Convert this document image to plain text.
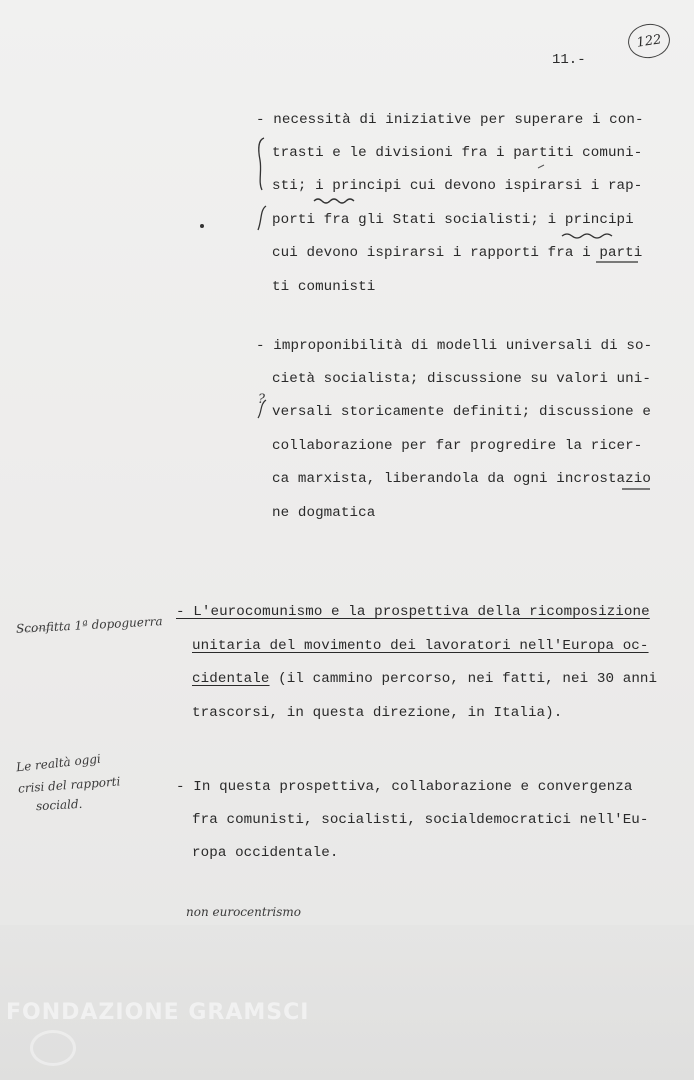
11.-
122
- necessità di iniziative per superare i con-
trasti e le divisioni fra i partiti comuni-
sti; i principi cui devono ispirarsi i rap-
porti fra gli Stati socialisti; i principi
cui devono ispirarsi i rapporti fra i parti
ti comunisti
- improponibilità di modelli universali di so-
cietà socialista; discussione su valori uni-
versali storicamente definiti; discussione e
collaborazione per far progredire la ricer-
ca marxista, liberandola da ogni incrostazio
ne dogmatica
?
- L'eurocomunismo e la prospettiva della ricomposizione
unitaria del movimento dei lavoratori nell'Europa oc-
cidentale (il cammino percorso, nei fatti, nei 30 anni
trascorsi, in questa direzione, in Italia).
Sconfitta 1ª dopoguerra
- In questa prospettiva, collaborazione e convergenza
fra comunisti, socialisti, socialdemocratici nell'Eu-
ropa occidentale.
Le realtà oggi
crisi del rapporti
sociald.
non eurocentrismo
FONDAZIONE GRAMSCI
